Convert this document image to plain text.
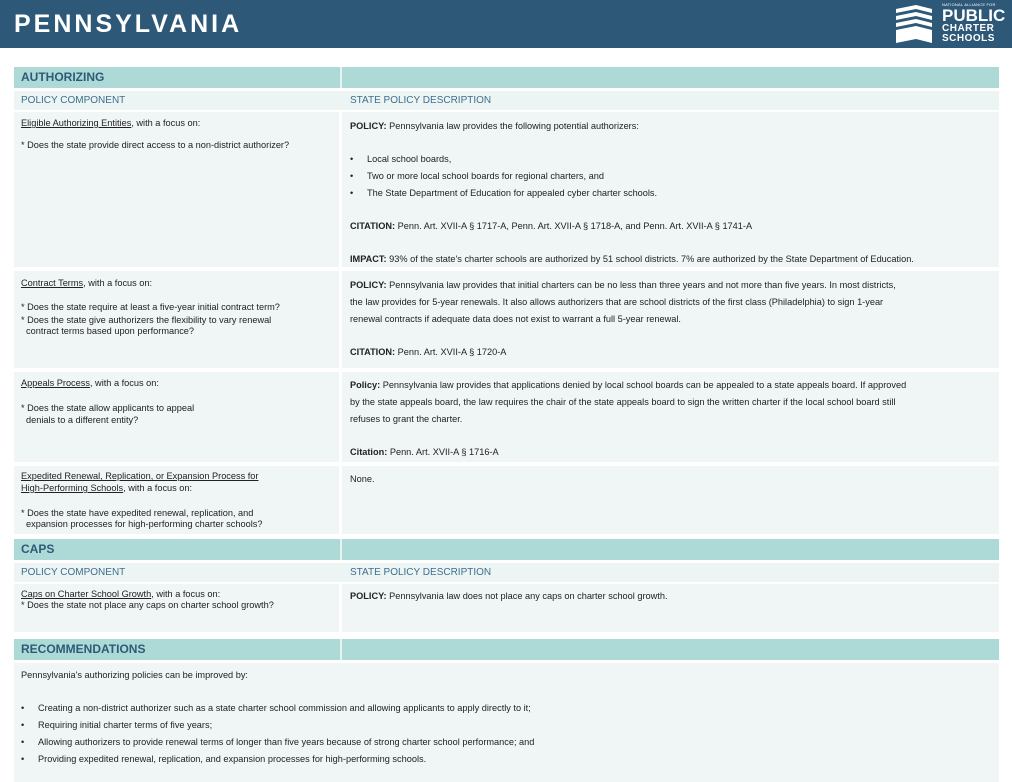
PENNSYLVANIA
NATIONAL ALLIANCE FOR
PUBLIC
CHARTER
SCHOOLS
AUTHORIZING
POLICY COMPONENT	STATE POLICY DESCRIPTION
Eligible Authorizing Entities, with a focus on:
* Does the state provide direct access to a non-district authorizer?
POLICY: Pennsylvania law provides the following potential authorizers:
• Local school boards,
• Two or more local school boards for regional charters, and
• The State Department of Education for appealed cyber charter schools.
CITATION: Penn. Art. XVII-A § 1717-A, Penn. Art. XVII-A § 1718-A, and Penn. Art. XVII-A § 1741-A
IMPACT: 93% of the state's charter schools are authorized by 51 school districts. 7% are authorized by the State Department of Education.
Contract Terms, with a focus on:
* Does the state require at least a five-year initial contract term?
* Does the state give authorizers the flexibility to vary renewal
contract terms based upon performance?
POLICY: Pennsylvania law provides that initial charters can be no less than three years and not more than five years. In most districts,
the law provides for 5-year renewals. It also allows authorizers that are school districts of the first class (Philadelphia) to sign 1-year
renewal contracts if adequate data does not exist to warrant a full 5-year renewal.
CITATION: Penn. Art. XVII-A § 1720-A
Appeals Process, with a focus on:
* Does the state allow applicants to appeal
denials to a different entity?
Policy: Pennsylvania law provides that applications denied by local school boards can be appealed to a state appeals board. If approved
by the state appeals board, the law requires the chair of the state appeals board to sign the written charter if the local school board still
refuses to grant the charter.
Citation: Penn. Art. XVII-A § 1716-A
Expedited Renewal, Replication, or Expansion Process for
High-Performing Schools, with a focus on:
* Does the state have expedited renewal, replication, and
expansion processes for high-performing charter schools?
None.
CAPS
POLICY COMPONENT	STATE POLICY DESCRIPTION
Caps on Charter School Growth, with a focus on:
* Does the state not place any caps on charter school growth?
POLICY: Pennsylvania law does not place any caps on charter school growth.
RECOMMENDATIONS
Pennsylvania's authorizing policies can be improved by:
• Creating a non-district authorizer such as a state charter school commission and allowing applicants to apply directly to it;
• Requiring initial charter terms of five years;
• Allowing authorizers to provide renewal terms of longer than five years because of strong charter school performance; and
• Providing expedited renewal, replication, and expansion processes for high-performing schools.
